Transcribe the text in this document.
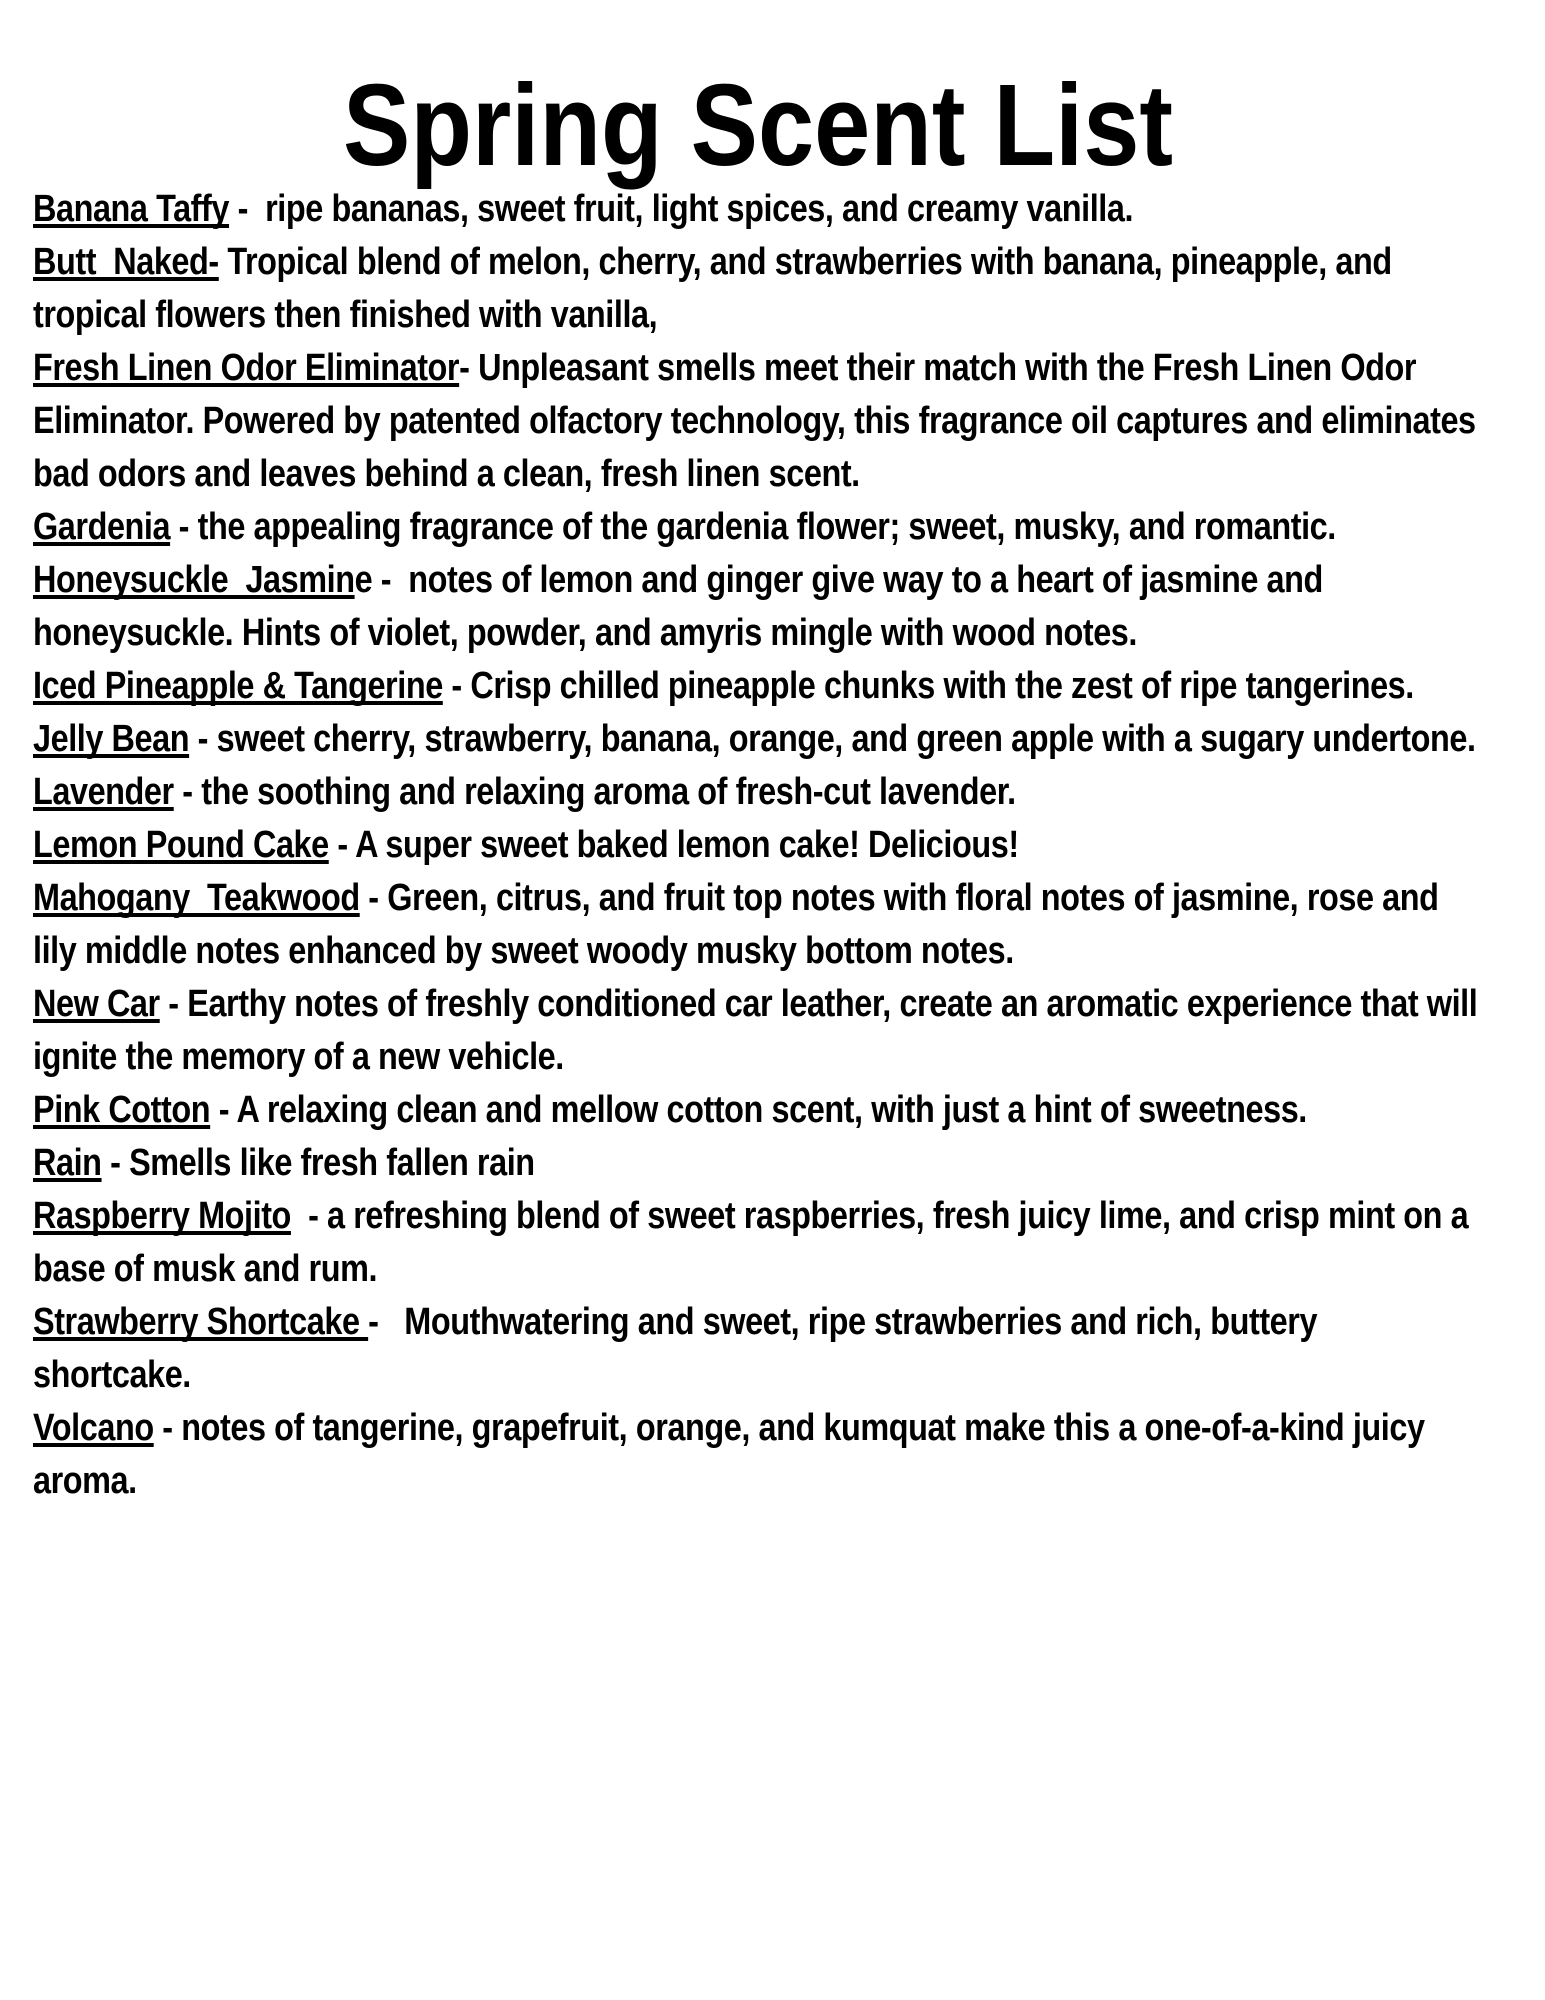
Spring Scent List

Banana Taffy -  ripe bananas, sweet fruit, light spices, and creamy vanilla.

Butt  Naked- Tropical blend of melon, cherry, and strawberries with banana, pineapple, and tropical flowers then finished with vanilla,

Fresh Linen Odor Eliminator- Unpleasant smells meet their match with the Fresh Linen Odor Eliminator. Powered by patented olfactory technology, this fragrance oil captures and eliminates bad odors and leaves behind a clean, fresh linen scent.

Gardenia - the appealing fragrance of the gardenia flower; sweet, musky, and romantic.

Honeysuckle  Jasmine -  notes of lemon and ginger give way to a heart of jasmine and honeysuckle. Hints of violet, powder, and amyris mingle with wood notes.

Iced Pineapple & Tangerine - Crisp chilled pineapple chunks with the zest of ripe tangerines.

Jelly Bean - sweet cherry, strawberry, banana, orange, and green apple with a sugary undertone.

Lavender - the soothing and relaxing aroma of fresh-cut lavender.

Lemon Pound Cake - A super sweet baked lemon cake! Delicious!

Mahogany  Teakwood - Green, citrus, and fruit top notes with floral notes of jasmine, rose and lily middle notes enhanced by sweet woody musky bottom notes.

New Car - Earthy notes of freshly conditioned car leather, create an aromatic experience that will ignite the memory of a new vehicle.

Pink Cotton - A relaxing clean and mellow cotton scent, with just a hint of sweetness.

Rain - Smells like fresh fallen rain

Raspberry Mojito  - a refreshing blend of sweet raspberries, fresh juicy lime, and crisp mint on a base of musk and rum.

Strawberry Shortcake -   Mouthwatering and sweet, ripe strawberries and rich, buttery shortcake.

Volcano - notes of tangerine, grapefruit, orange, and kumquat make this a one-of-a-kind juicy aroma.
